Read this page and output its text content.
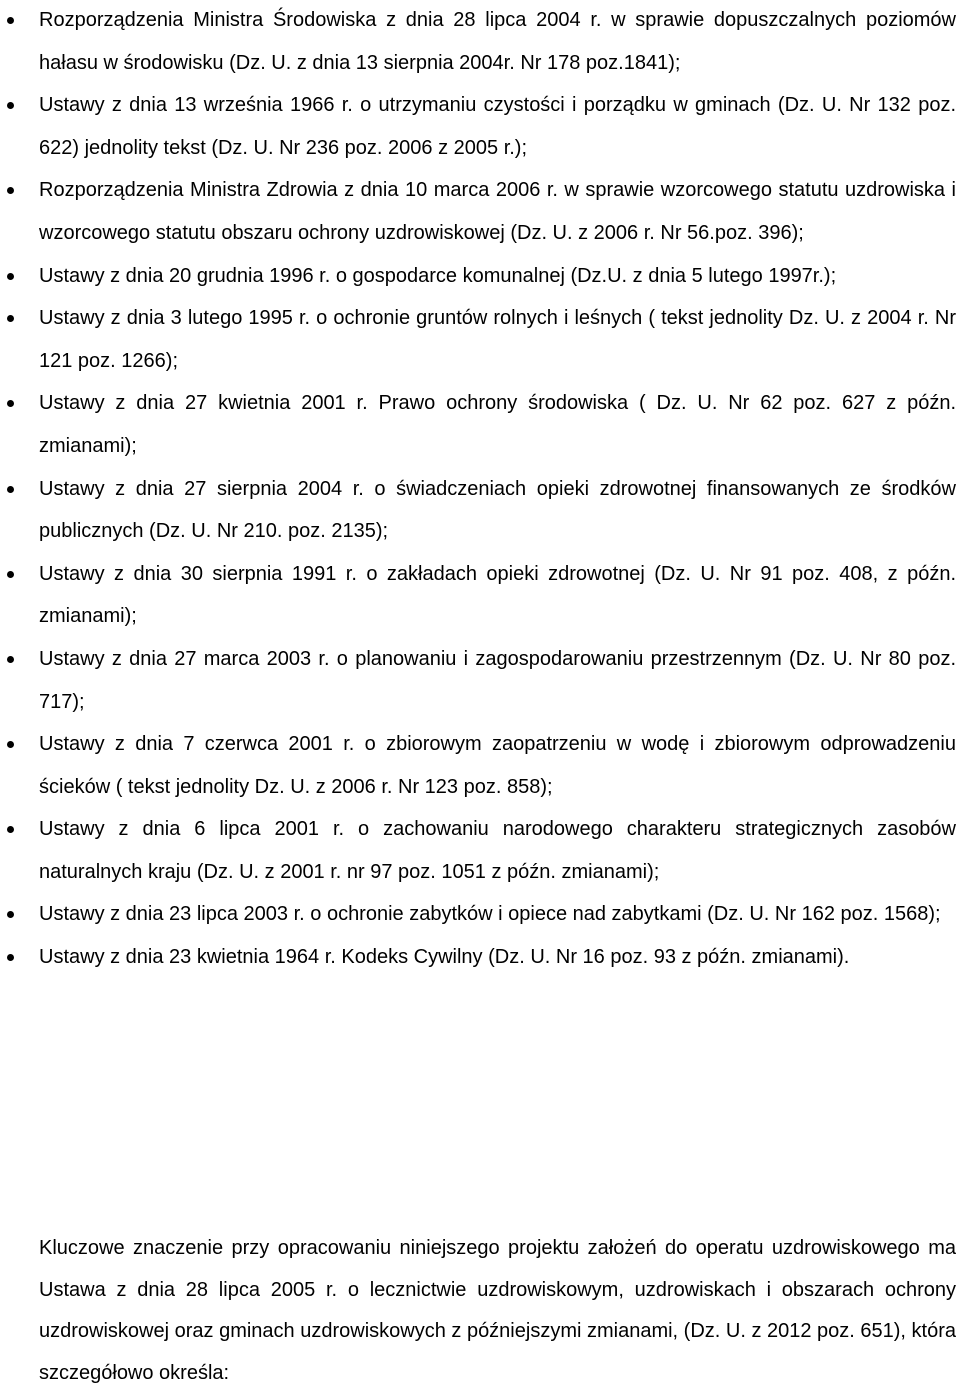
Rozporządzenia Ministra Środowiska z dnia 28 lipca 2004 r. w sprawie dopuszczalnych poziomów hałasu w środowisku (Dz. U. z dnia 13 sierpnia 2004r. Nr 178 poz.1841);
Ustawy z dnia 13 września 1966 r. o utrzymaniu czystości i porządku w gminach (Dz. U. Nr 132 poz. 622) jednolity tekst (Dz. U. Nr 236 poz. 2006 z 2005 r.);
Rozporządzenia Ministra Zdrowia z dnia 10 marca 2006 r. w sprawie wzorcowego statutu uzdrowiska i wzorcowego statutu obszaru ochrony uzdrowiskowej (Dz. U. z 2006 r. Nr 56.poz. 396);
Ustawy z dnia 20 grudnia 1996 r. o gospodarce komunalnej (Dz.U. z dnia 5 lutego 1997r.);
Ustawy z dnia 3 lutego 1995 r. o ochronie gruntów rolnych i leśnych ( tekst jednolity Dz. U. z 2004 r. Nr 121 poz. 1266);
Ustawy z dnia 27 kwietnia 2001 r. Prawo ochrony środowiska ( Dz. U. Nr 62 poz. 627 z późn. zmianami);
Ustawy z dnia 27 sierpnia 2004 r. o świadczeniach opieki zdrowotnej finansowanych ze środków publicznych (Dz. U. Nr 210. poz. 2135);
Ustawy z dnia 30 sierpnia 1991 r. o zakładach opieki zdrowotnej (Dz. U. Nr 91 poz. 408, z późn. zmianami);
Ustawy z dnia 27 marca 2003 r. o planowaniu i zagospodarowaniu przestrzennym (Dz. U. Nr 80 poz. 717);
Ustawy z dnia 7 czerwca 2001 r. o zbiorowym zaopatrzeniu w wodę i zbiorowym odprowadzeniu ścieków ( tekst jednolity Dz. U. z 2006 r. Nr 123 poz. 858);
Ustawy z dnia 6 lipca 2001 r. o zachowaniu narodowego charakteru strategicznych zasobów naturalnych kraju (Dz. U. z 2001 r. nr 97 poz. 1051 z późn. zmianami);
Ustawy z dnia 23 lipca 2003 r. o ochronie zabytków i opiece nad zabytkami (Dz. U. Nr 162 poz. 1568);
Ustawy z dnia 23 kwietnia 1964 r. Kodeks Cywilny (Dz. U. Nr 16 poz. 93 z późn. zmianami).

Kluczowe znaczenie przy opracowaniu niniejszego projektu założeń do operatu uzdrowiskowego ma Ustawa z dnia 28 lipca 2005 r. o lecznictwie uzdrowiskowym, uzdrowiskach i obszarach ochrony uzdrowiskowej oraz gminach uzdrowiskowych z późniejszymi zmianami, (Dz. U. z 2012 poz. 651), która szczegółowo określa:
